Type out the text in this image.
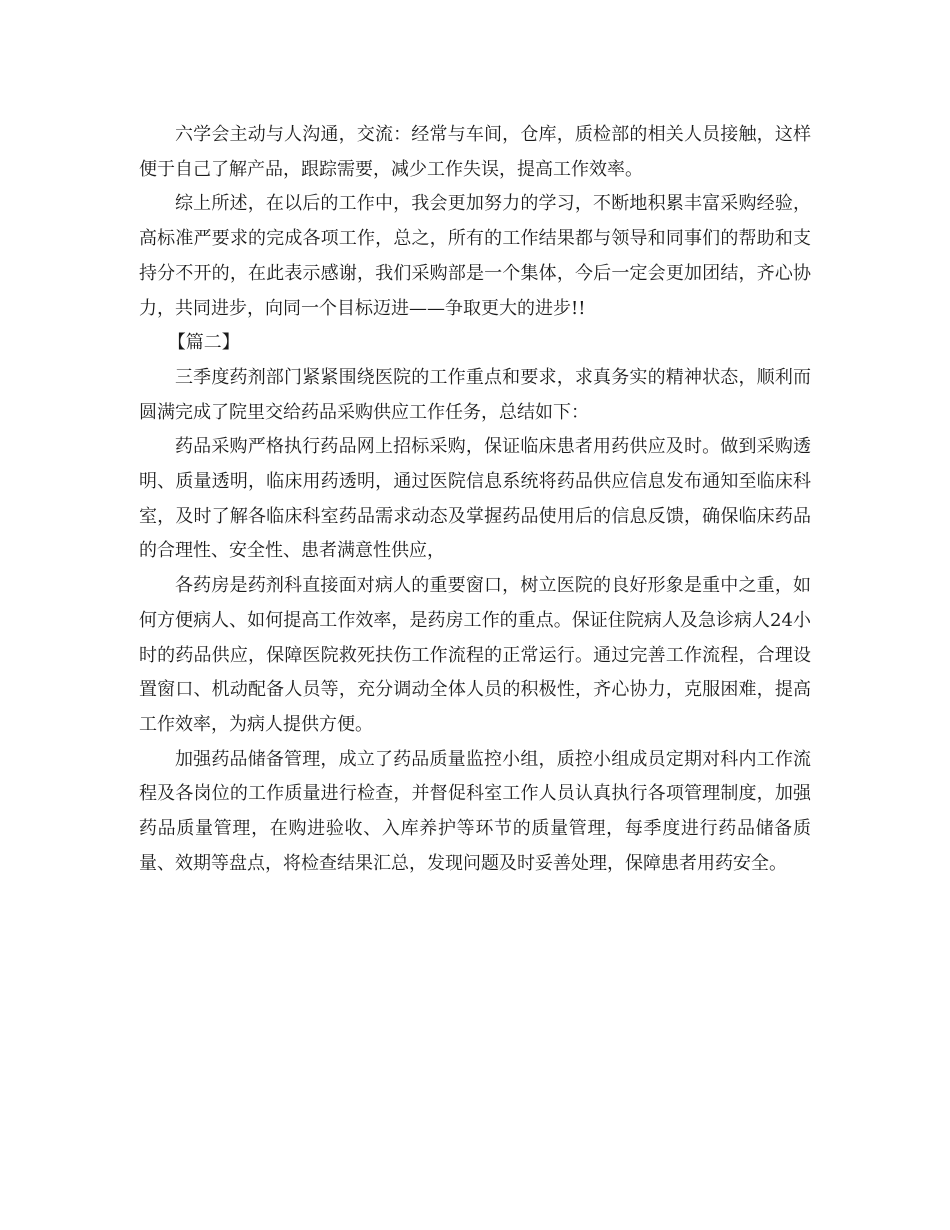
六学会主动与人沟通，交流：经常与车间，仓库，质检部的相关人员接触，这样便于自己了解产品，跟踪需要，减少工作失误，提高工作效率。

综上所述，在以后的工作中，我会更加努力的学习，不断地积累丰富采购经验，高标准严要求的完成各项工作，总之，所有的工作结果都与领导和同事们的帮助和支持分不开的，在此表示感谢，我们采购部是一个集体，今后一定会更加团结，齐心协力，共同进步，向同一个目标迈进——争取更大的进步!!

【篇二】

三季度药剂部门紧紧围绕医院的工作重点和要求，求真务实的精神状态，顺利而圆满完成了院里交给药品采购供应工作任务，总结如下：

药品采购严格执行药品网上招标采购，保证临床患者用药供应及时。做到采购透明、质量透明，临床用药透明，通过医院信息系统将药品供应信息发布通知至临床科室，及时了解各临床科室药品需求动态及掌握药品使用后的信息反馈，确保临床药品的合理性、安全性、患者满意性供应，

各药房是药剂科直接面对病人的重要窗口，树立医院的良好形象是重中之重，如何方便病人、如何提高工作效率，是药房工作的重点。保证住院病人及急诊病人24小时的药品供应，保障医院救死扶伤工作流程的正常运行。通过完善工作流程，合理设置窗口、机动配备人员等，充分调动全体人员的积极性，齐心协力，克服困难，提高工作效率，为病人提供方便。

加强药品储备管理，成立了药品质量监控小组，质控小组成员定期对科内工作流程及各岗位的工作质量进行检查，并督促科室工作人员认真执行各项管理制度，加强药品质量管理，在购进验收、入库养护等环节的质量管理，每季度进行药品储备质量、效期等盘点，将检查结果汇总，发现问题及时妥善处理，保障患者用药安全。
